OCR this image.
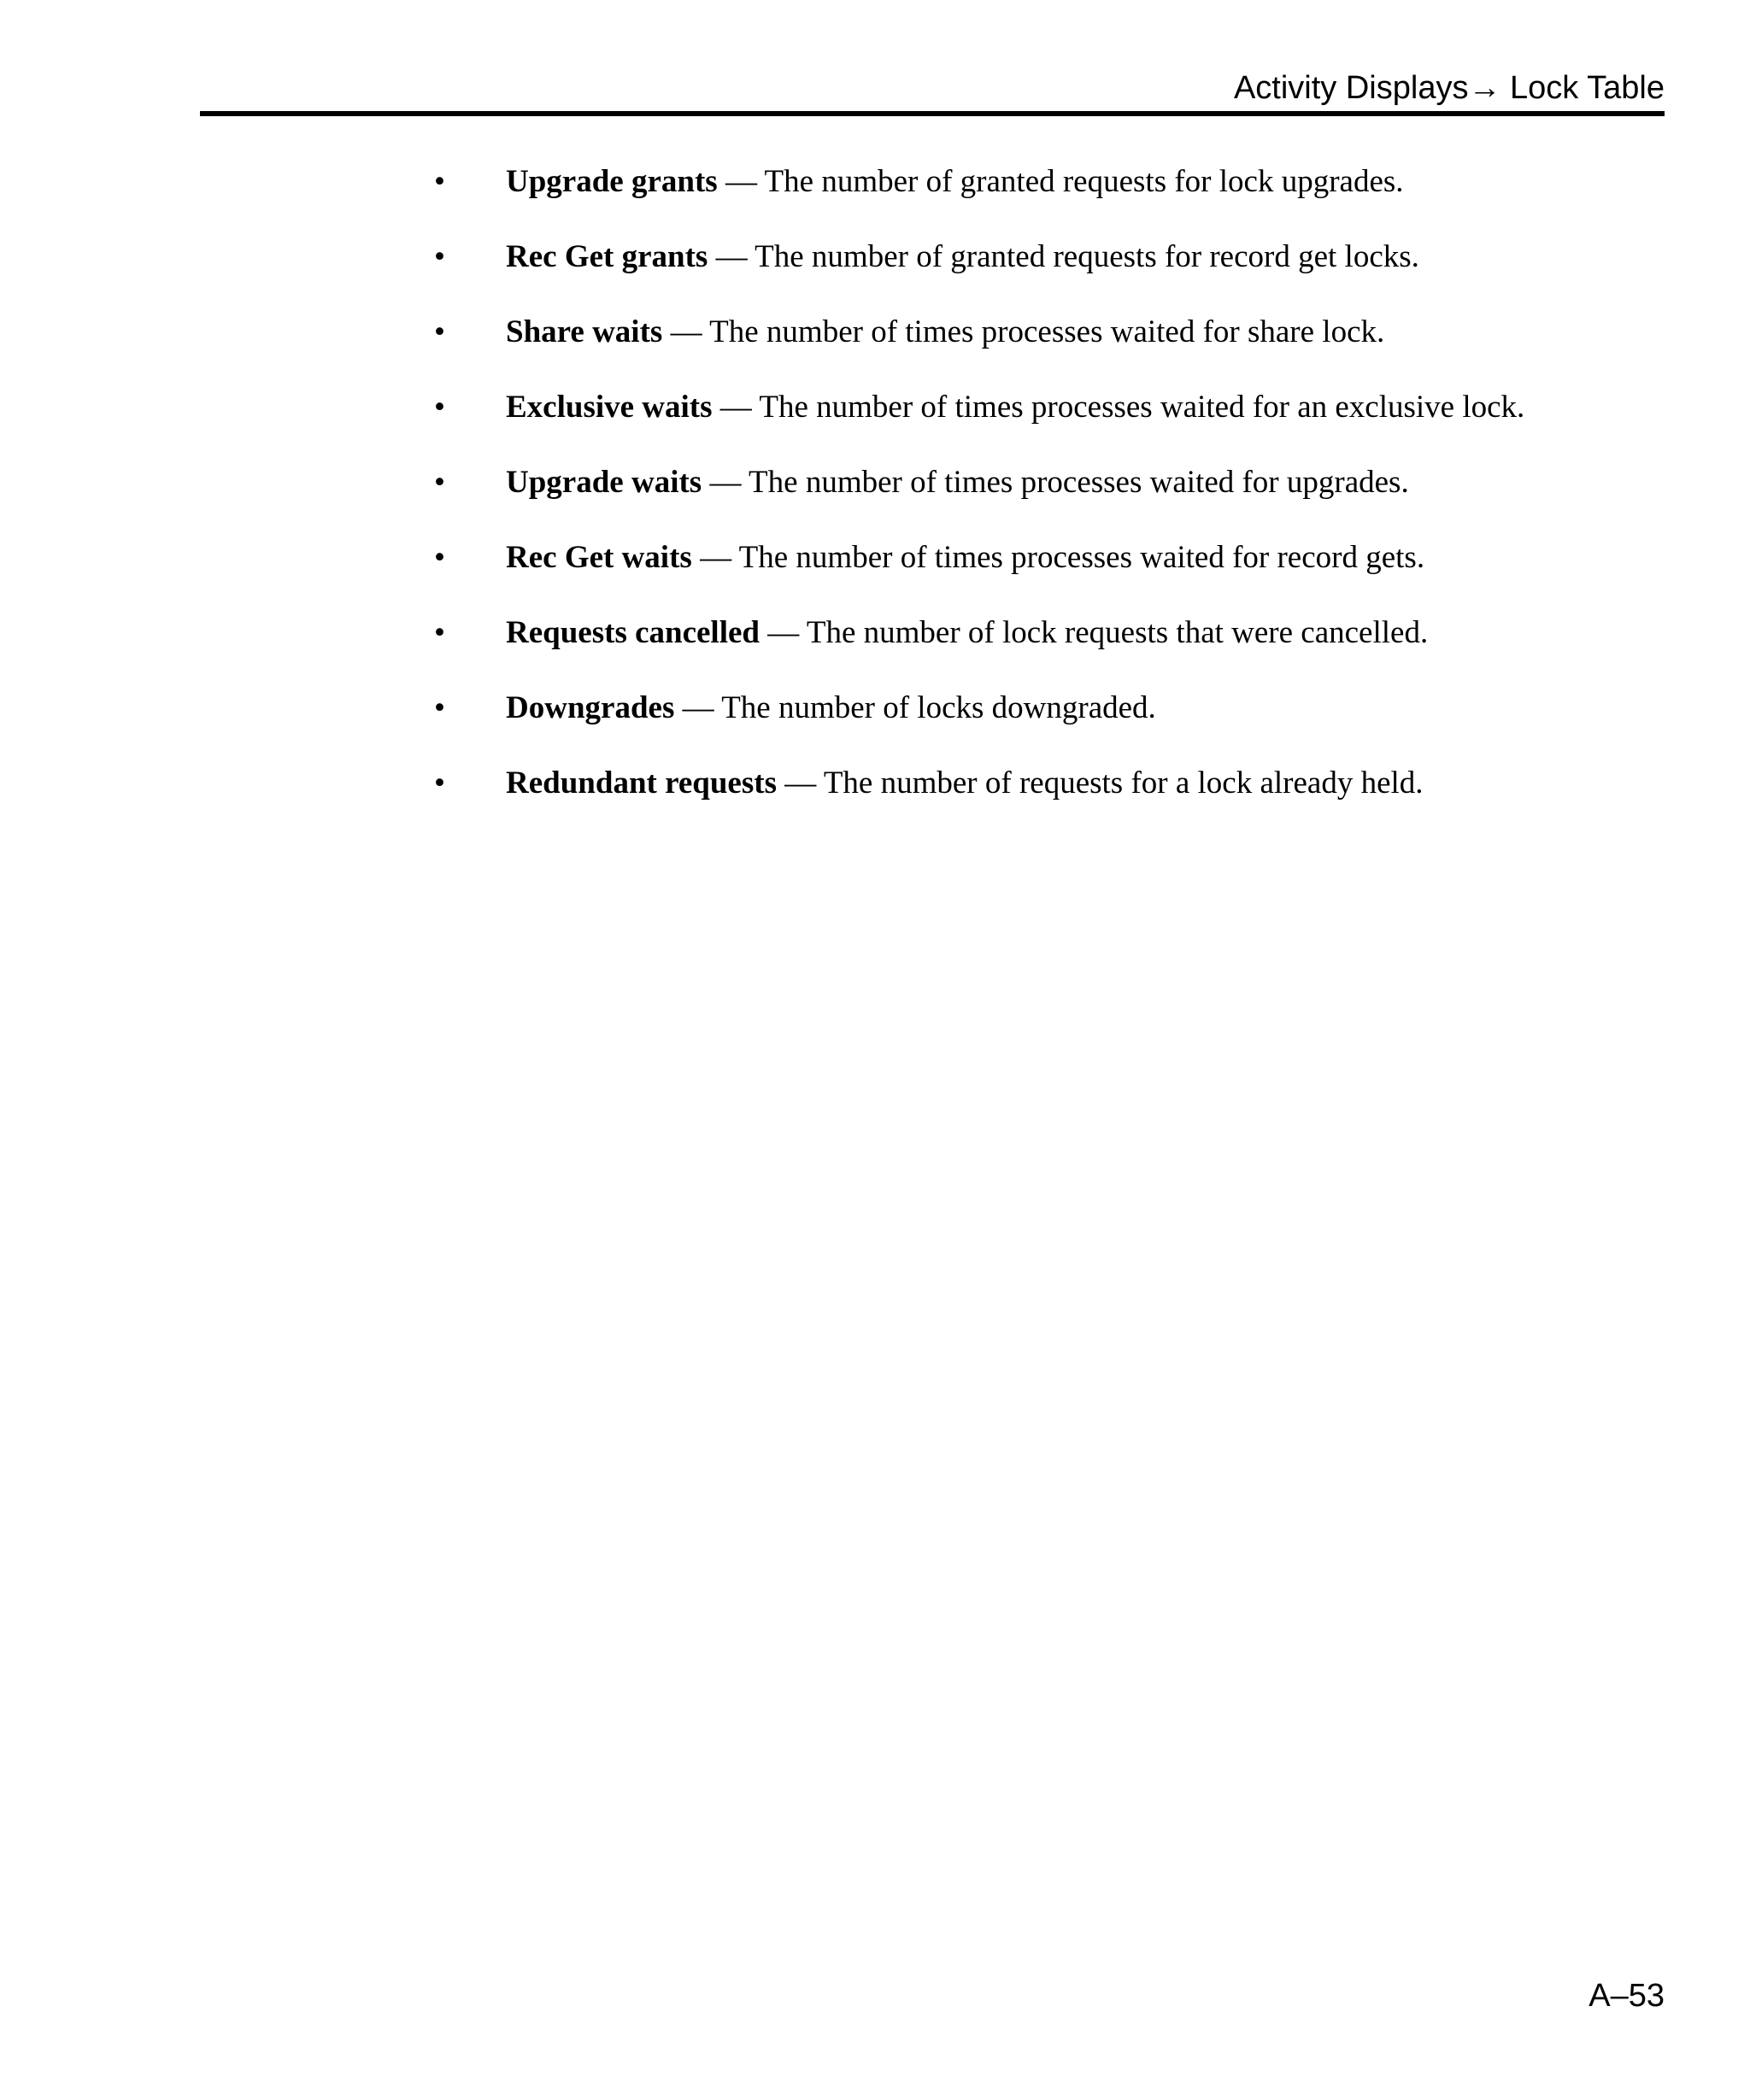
Activity Displays→ Lock Table
• Upgrade grants — The number of granted requests for lock upgrades.
• Rec Get grants — The number of granted requests for record get locks.
• Share waits — The number of times processes waited for share lock.
• Exclusive waits — The number of times processes waited for an exclusive lock.
• Upgrade waits — The number of times processes waited for upgrades.
• Rec Get waits — The number of times processes waited for record gets.
• Requests cancelled — The number of lock requests that were cancelled.
• Downgrades — The number of locks downgraded.
• Redundant requests — The number of requests for a lock already held.
A–53
